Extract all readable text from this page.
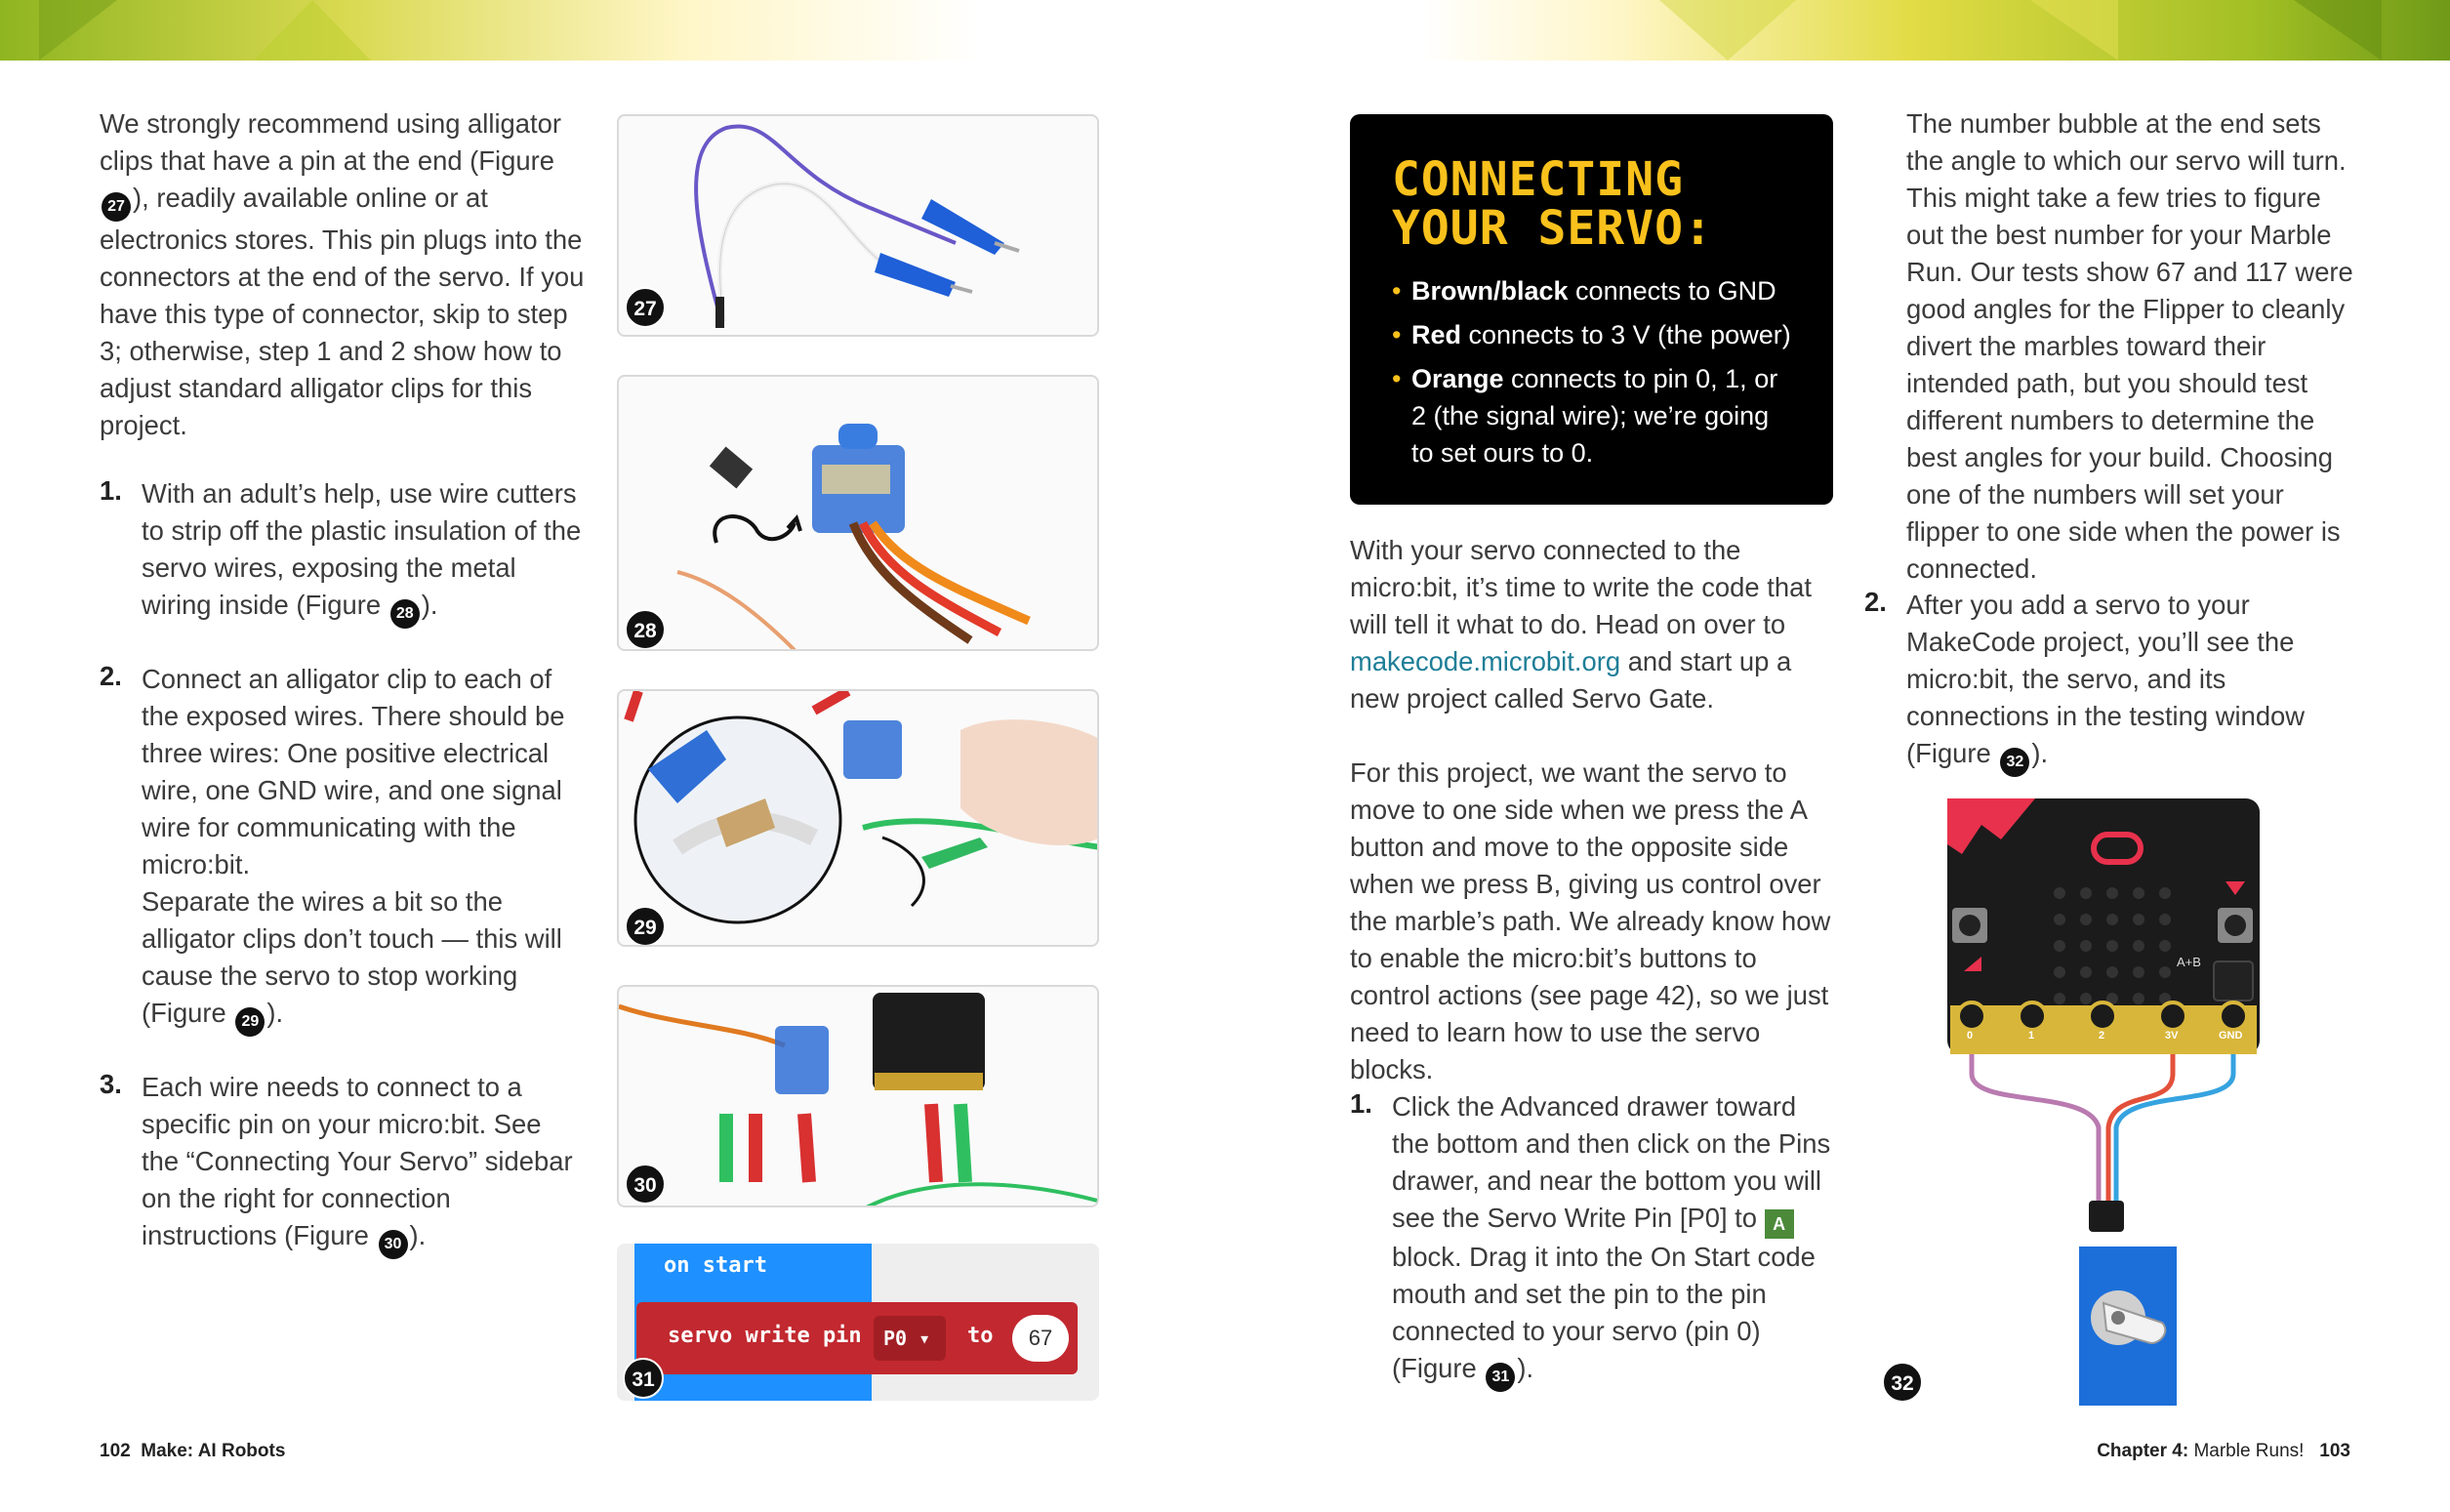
We strongly recommend using alligator clips that have a pin at the end (Figure 27 ), readily available online or at electronics stores. This pin plugs into the connectors at the end of the servo. If you have this type of connector, skip to step 3; otherwise, step 1 and 2 show how to adjust standard alligator clips for this project.
1. With an adult’s help, use wire cutters to strip off the plastic insulation of the servo wires, exposing the metal wiring inside (Figure 28 ).
2. Connect an alligator clip to each of the exposed wires. There should be three wires: One positive electrical wire, one GND wire, and one signal wire for communicating with the micro:bit.
Separate the wires a bit so the alligator clips don’t touch — this will cause the servo to stop working (Figure 29 ).
3. Each wire needs to connect to a specific pin on your micro:bit. See the “Connecting Your Servo” sidebar on the right for connection instructions (Figure 30 ).
27
28
29
30
on start
servo write pin	P0 ▾	to	67
31
CONNECTING
YOUR SERVO:
• Brown/black connects to GND
• Red connects to 3 V (the power)
• Orange connects to pin 0, 1, or 2 (the signal wire); we’re going to set ours to 0.
With your servo connected to the micro:bit, it’s time to write the code that will tell it what to do. Head on over to makecode.microbit.org and start up a new project called Servo Gate.
For this project, we want the servo to move to one side when we press the A button and move to the opposite side when we press B, giving us control over the marble’s path. We already know how to enable the micro:bit’s buttons to control actions (see page 42), so we just need to learn how to use the servo blocks.
1. Click the Advanced drawer toward the bottom and then click on the Pins drawer, and near the bottom you will see the Servo Write Pin [P0] to A block. Drag it into the On Start code mouth and set the pin to the pin connected to your servo (pin 0) (Figure 31 ).
The number bubble at the end sets the angle to which our servo will turn. This might take a few tries to figure out the best number for your Marble Run. Our tests show 67 and 117 were good angles for the Flipper to cleanly divert the marbles toward their intended path, but you should test different numbers to determine the best angles for your build. Choosing one of the numbers will set your flipper to one side when the power is connected.
2. After you add a servo to your MakeCode project, you’ll see the micro:bit, the servo, and its connections in the testing window (Figure 32 ).
0	1	2	3V	GND
A+B
32
102 Make: AI Robots	Chapter 4: Marble Runs! 103
